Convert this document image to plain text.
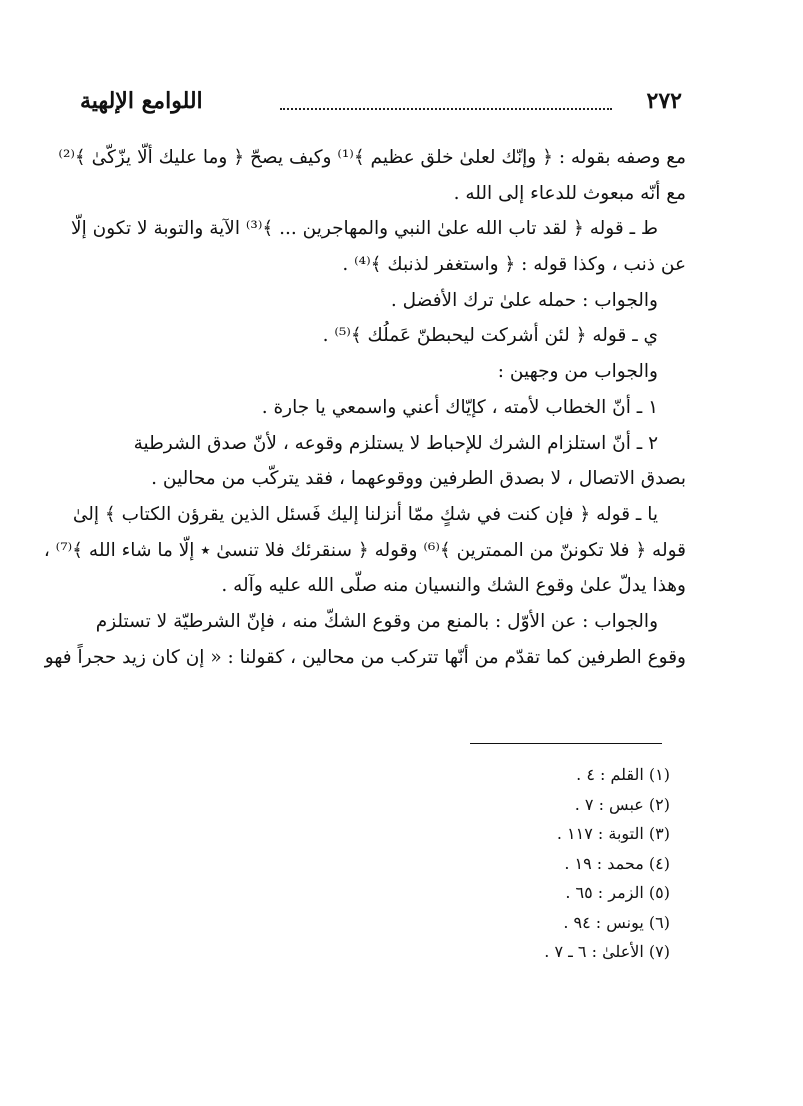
اللوامع الإلهية	٢٧٢
مع وصفه بقوله : ﴿ وإنّك لعلىٰ خلق عظيم ﴾⁽¹⁾ وكيف يصحّ ﴿ وما عليك ألّا يزّكّىٰ ﴾⁽²⁾
مع أنّه مبعوث للدعاء إلى الله .
ط ـ قوله ﴿ لقد تاب الله علىٰ النبي والمهاجرين ... ﴾⁽³⁾ الآية والتوبة لا تكون إلّا
عن ذنب ، وكذا قوله : ﴿ واستغفر لذنبك ﴾⁽⁴⁾ .
والجواب : حمله علىٰ ترك الأفضل .
ي ـ قوله ﴿ لئن أشركت ليحبطنّ عَملُك ﴾⁽⁵⁾ .
والجواب من وجهين :
١ ـ أنّ الخطاب لأمته ، كإيّاك أعني واسمعي يا جارة .
٢ ـ أنّ استلزام الشرك للإحباط لا يستلزم وقوعه ، لأنّ صدق الشرطية
بصدق الاتصال ، لا بصدق الطرفين ووقوعهما ، فقد يتركّب من محالين .
يا ـ قوله ﴿ فإن كنت في شكٍ ممّا أنزلنا إليك فَسئل الذين يقرؤن الكتاب ﴾ إلىٰ
قوله ﴿ فلا تكوننّ من الممترين ﴾⁽⁶⁾ وقوله ﴿ سنقرئك فلا تنسىٰ ٭ إلّا ما شاء الله ﴾⁽⁷⁾ ،
وهذا يدلّ علىٰ وقوع الشك والنسيان منه صلّى الله عليه وآله .
والجواب : عن الأوّل : بالمنع من وقوع الشكّ منه ، فإنّ الشرطيّة لا تستلزم
وقوع الطرفين كما تقدّم من أنّها تتركب من محالين ، كقولنا : « إن كان زيد حجراً فهو
(١) القلم : ٤ .
(٢) عبس : ٧ .
(٣) التوبة : ١١٧ .
(٤) محمد : ١٩ .
(٥) الزمر : ٦٥ .
(٦) يونس : ٩٤ .
(٧) الأعلىٰ : ٦ ـ ٧ .
